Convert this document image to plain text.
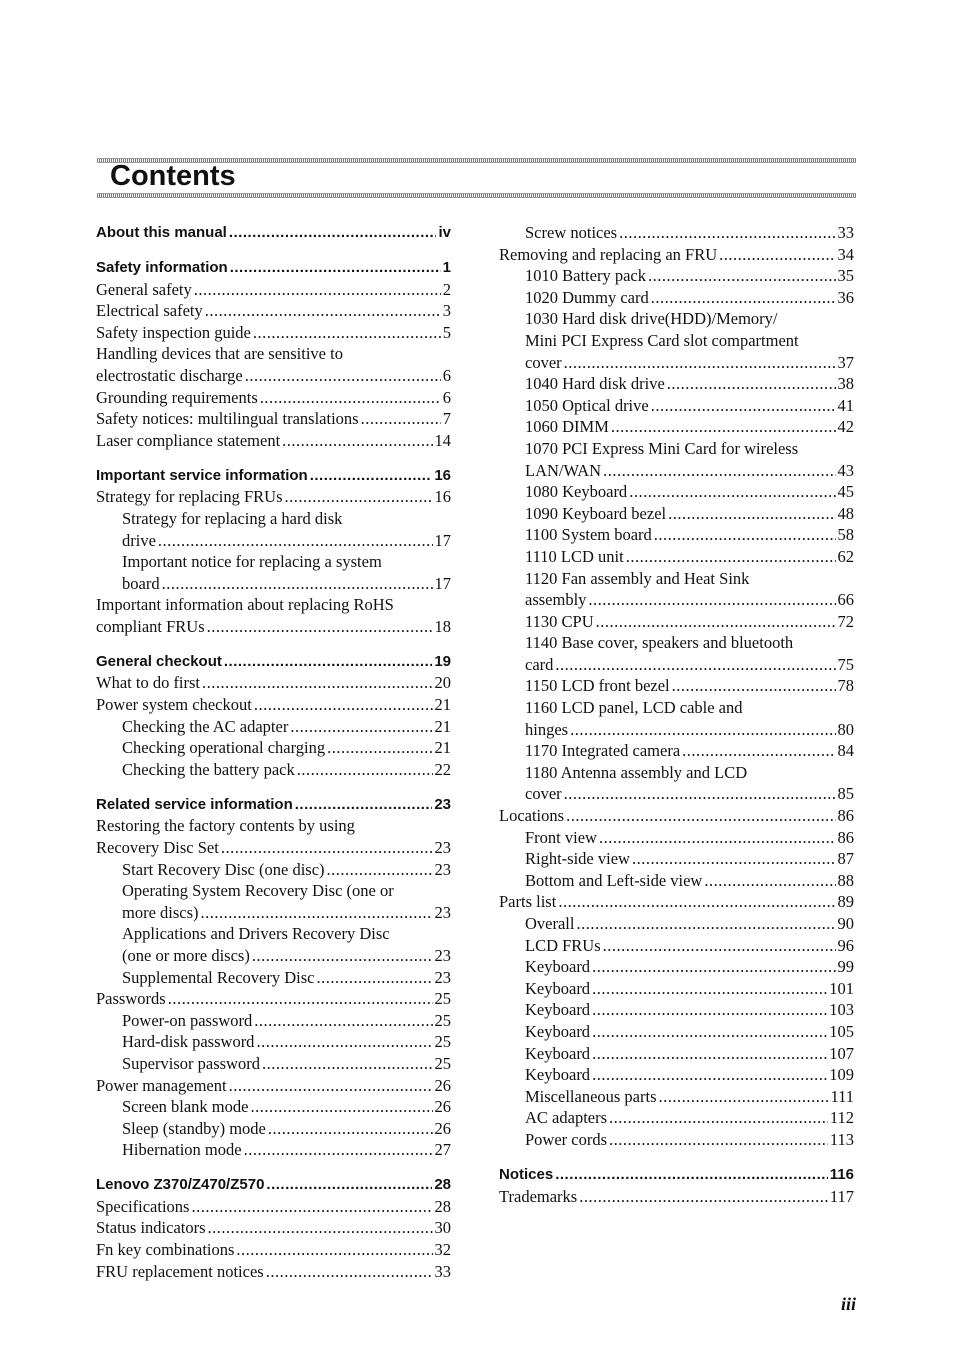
Contents
About this manual .....	iv
Safety information .....	1
General safety .....	2
Electrical safety .....	3
Safety inspection guide .....	5
Handling devices that are sensitive to
electrostatic discharge .....	6
Grounding requirements .....	6
Safety notices: multilingual translations .....	7
Laser compliance statement .....	14
Important service information .....	16
Strategy for replacing FRUs .....	16
Strategy for replacing a hard disk
drive .....	17
Important notice for replacing a system
board .....	17
Important information about replacing RoHS
compliant FRUs .....	18
General checkout .....	19
What to do first .....	20
Power system checkout .....	21
Checking the AC adapter .....	21
Checking operational charging .....	21
Checking the battery pack .....	22
Related service information .....	23
Restoring the factory contents by using
Recovery Disc Set .....	23
Start Recovery Disc (one disc) .....	23
Operating System Recovery Disc (one or
more discs) .....	23
Applications and Drivers Recovery Disc
(one or more discs) .....	23
Supplemental Recovery Disc .....	23
Passwords .....	25
Power-on password .....	25
Hard-disk password .....	25
Supervisor password .....	25
Power management .....	26
Screen blank mode .....	26
Sleep (standby) mode .....	26
Hibernation mode .....	27
Lenovo Z370/Z470/Z570 .....	28
Specifications .....	28
Status indicators .....	30
Fn key combinations .....	32
FRU replacement notices .....	33
Screw notices .....	33
Removing and replacing an FRU .....	34
1010 Battery pack .....	35
1020 Dummy card .....	36
1030 Hard disk drive(HDD)/Memory/
Mini PCI Express Card slot compartment
cover .....	37
1040 Hard disk drive .....	38
1050 Optical drive .....	41
1060 DIMM .....	42
1070 PCI Express Mini Card for wireless
LAN/WAN .....	43
1080 Keyboard .....	45
1090 Keyboard bezel .....	48
1100 System board .....	58
1110 LCD unit .....	62
1120 Fan assembly and Heat Sink
assembly .....	66
1130 CPU .....	72
1140 Base cover, speakers and bluetooth
card .....	75
1150 LCD front bezel .....	78
1160 LCD panel, LCD cable and
hinges .....	80
1170 Integrated camera .....	84
1180 Antenna assembly and LCD
cover .....	85
Locations .....	86
Front view .....	86
Right-side view .....	87
Bottom and Left-side view .....	88
Parts list .....	89
Overall .....	90
LCD FRUs .....	96
Keyboard .....	99
Keyboard .....	101
Keyboard .....	103
Keyboard .....	105
Keyboard .....	107
Keyboard .....	109
Miscellaneous parts .....	111
AC adapters .....	112
Power cords .....	113
Notices .....	116
Trademarks .....	117
iii
